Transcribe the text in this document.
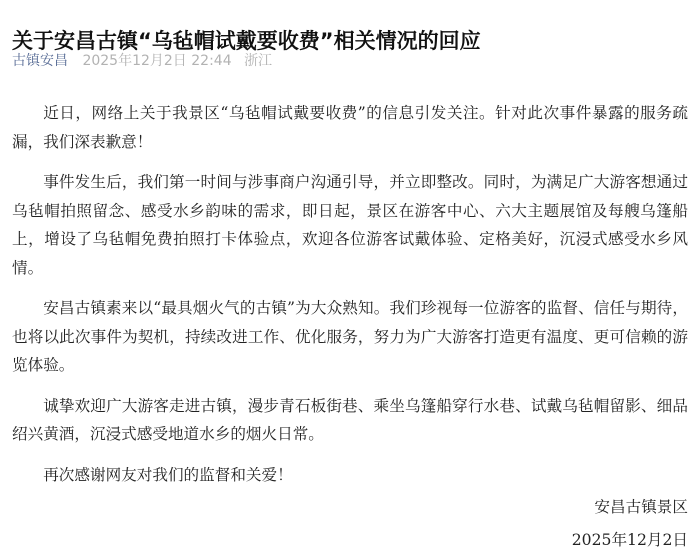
关于安昌古镇“乌毡帽试戴要收费”相关情况的回应
古镇安昌 2025年12月2日 22:44 浙江

近日，网络上关于我景区“乌毡帽试戴要收费”的信息引发关注。针对此次事件暴露的服务疏漏，我们深表歉意！

事件发生后，我们第一时间与涉事商户沟通引导，并立即整改。同时，为满足广大游客想通过乌毡帽拍照留念、感受水乡韵味的需求，即日起，景区在游客中心、六大主题展馆及每艘乌篷船上，增设了乌毡帽免费拍照打卡体验点，欢迎各位游客试戴体验、定格美好，沉浸式感受水乡风情。

安昌古镇素来以“最具烟火气的古镇”为大众熟知。我们珍视每一位游客的监督、信任与期待，也将以此次事件为契机，持续改进工作、优化服务，努力为广大游客打造更有温度、更可信赖的游览体验。

诚挚欢迎广大游客走进古镇，漫步青石板街巷、乘坐乌篷船穿行水巷、试戴乌毡帽留影、细品绍兴黄酒，沉浸式感受地道水乡的烟火日常。

再次感谢网友对我们的监督和关爱！

安昌古镇景区
2025年12月2日
